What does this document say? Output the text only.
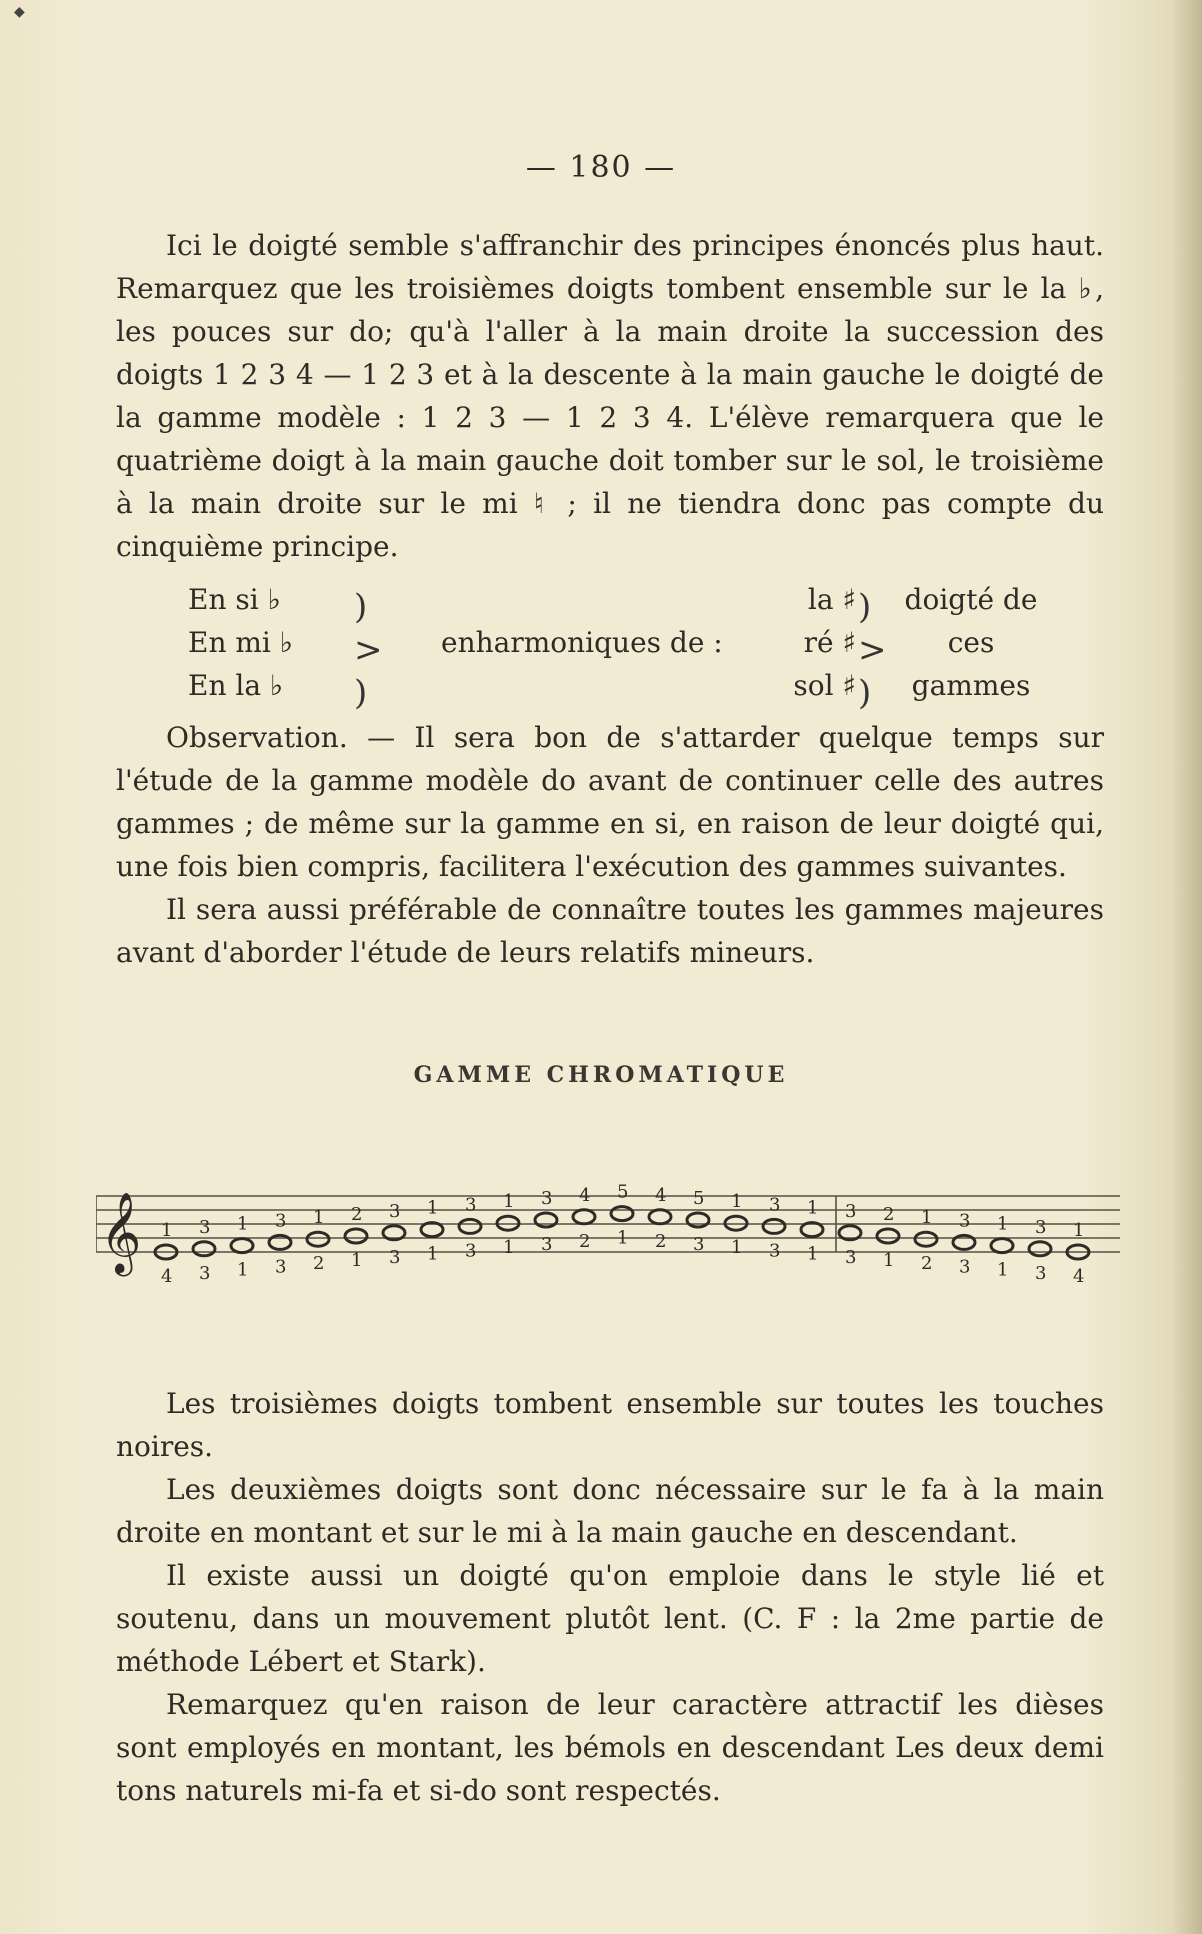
◆
— 180 —

Ici le doigté semble s'affranchir des principes énoncés plus haut. Remarquez que les troisièmes doigts tombent ensemble sur le la ♭, les pouces sur do; qu'à l'aller à la main droite la succession des doigts 1 2 3 4 — 1 2 3 et à la descente à la main gauche le doigté de la gamme modèle : 1 2 3 — 1 2 3 4. L'élève remarquera que le quatrième doigt à la main gauche doit tomber sur le sol, le troisième à la main droite sur le mi ♮ ; il ne tiendra donc pas compte du cinquième principe.

En si ♭
En mi ♭
En la ♭
)
>
)
enharmoniques de :
la ♯
ré ♯
sol ♯
)
>
)
doigté de
ces
gammes

Observation. — Il sera bon de s'attarder quelque temps sur l'étude de la gamme modèle do avant de continuer celle des autres gammes ; de même sur la gamme en si, en raison de leur doigté qui, une fois bien compris, facilitera l'exécution des gammes suivantes.

Il sera aussi préférable de connaître toutes les gammes majeures avant d'aborder l'étude de leurs relatifs mineurs.

GAMME CHROMATIQUE
𝄞 1 3 1 3 1 2 3 1 3 1 3 4 5 4 5 1 3 1 3 2 1 3 1 3 1
4 3 1 3 2 1 3 1 3 1 3 2 1 2 3 1 3 1 3 1 2 3 1 3 4

Les troisièmes doigts tombent ensemble sur toutes les touches noires.

Les deuxièmes doigts sont donc nécessaire sur le fa à la main droite en montant et sur le mi à la main gauche en descendant.

Il existe aussi un doigté qu'on emploie dans le style lié et soutenu, dans un mouvement plutôt lent. (C. F : la 2me partie de méthode Lébert et Stark).

Remarquez qu'en raison de leur caractère attractif les dièses sont employés en montant, les bémols en descendant Les deux demi tons naturels mi-fa et si-do sont respectés.
